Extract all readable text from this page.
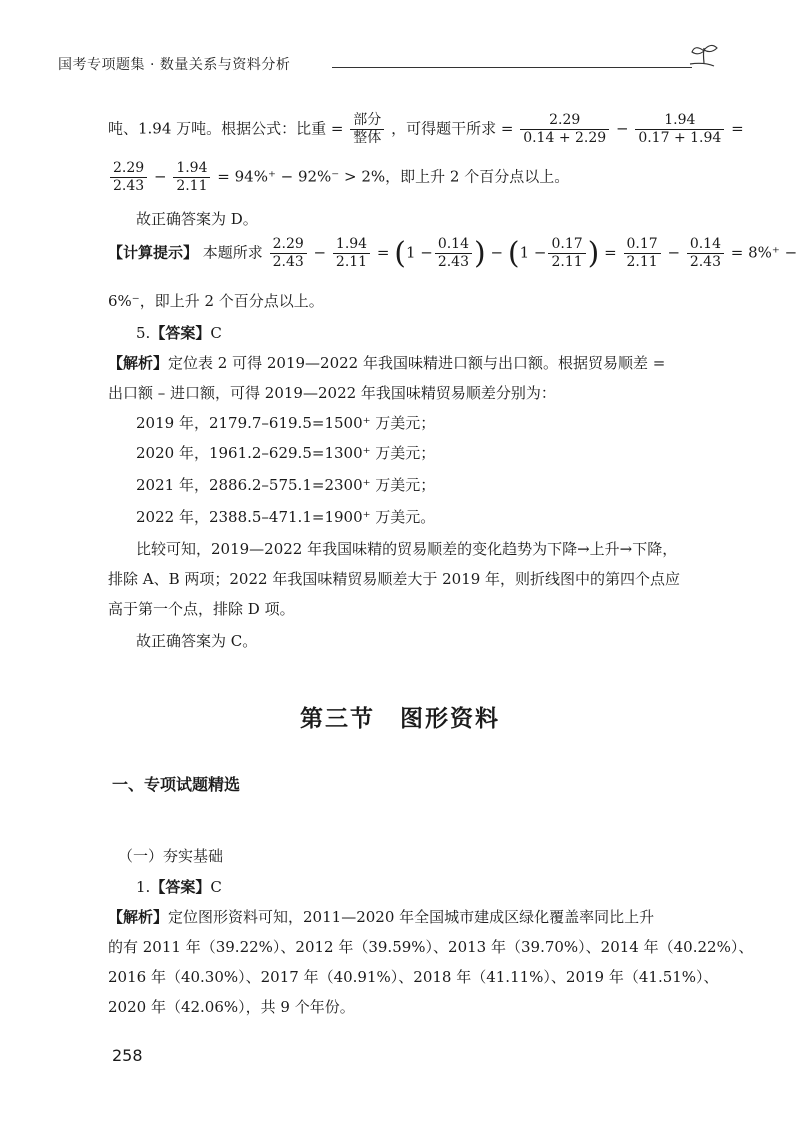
国考专项题集 · 数量关系与资料分析
吨、1.94 万吨。根据公式：比重 = $\frac{\text{部分}}{\text{整体}}$ ，可得题干所求 = $\frac{2.29}{0.14 + 2.29} - \frac{1.94}{0.17 + 1.94}$ =
$\frac{2.29}{2.43} - \frac{1.94}{2.11} = 94\%^+ - 92\%^- > 2\%$，即上升 2 个百分点以上。
故正确答案为 D。
【计算提示】 本题所求 $\frac{2.29}{2.43} - \frac{1.94}{2.11} = (1 - \frac{0.14}{2.43}$ ) − ($1 - \frac{0.17}{2.11}$ ) = $\frac{0.17}{2.11} - \frac{0.14}{2.43} = 8\%^+$ −
6%⁻，即上升 2 个百分点以上。
5.【答案】C
【解析】定位表 2 可得 2019—2022 年我国味精进口额与出口额。根据贸易顺差 =
出口额 – 进口额，可得 2019—2022 年我国味精贸易顺差分别为：
2019 年，2179.7–619.5=1500⁺ 万美元；
2020 年，1961.2–629.5=1300⁺ 万美元；
2021 年，2886.2–575.1=2300⁺ 万美元；
2022 年，2388.5–471.1=1900⁺ 万美元。
比较可知，2019—2022 年我国味精的贸易顺差的变化趋势为下降→上升→下降，
排除 A、B 两项；2022 年我国味精贸易顺差大于 2019 年，则折线图中的第四个点应
高于第一个点，排除 D 项。
故正确答案为 C。
第三节　图形资料
一、专项试题精选
（一）夯实基础
1.【答案】C
【解析】定位图形资料可知，2011—2020 年全国城市建成区绿化覆盖率同比上升
的有 2011 年（39.22%）、2012 年（39.59%）、2013 年（39.70%）、2014 年（40.22%）、
2016 年（40.30%）、2017 年（40.91%）、2018 年（41.11%）、2019 年（41.51%）、
2020 年（42.06%），共 9 个年份。
258
